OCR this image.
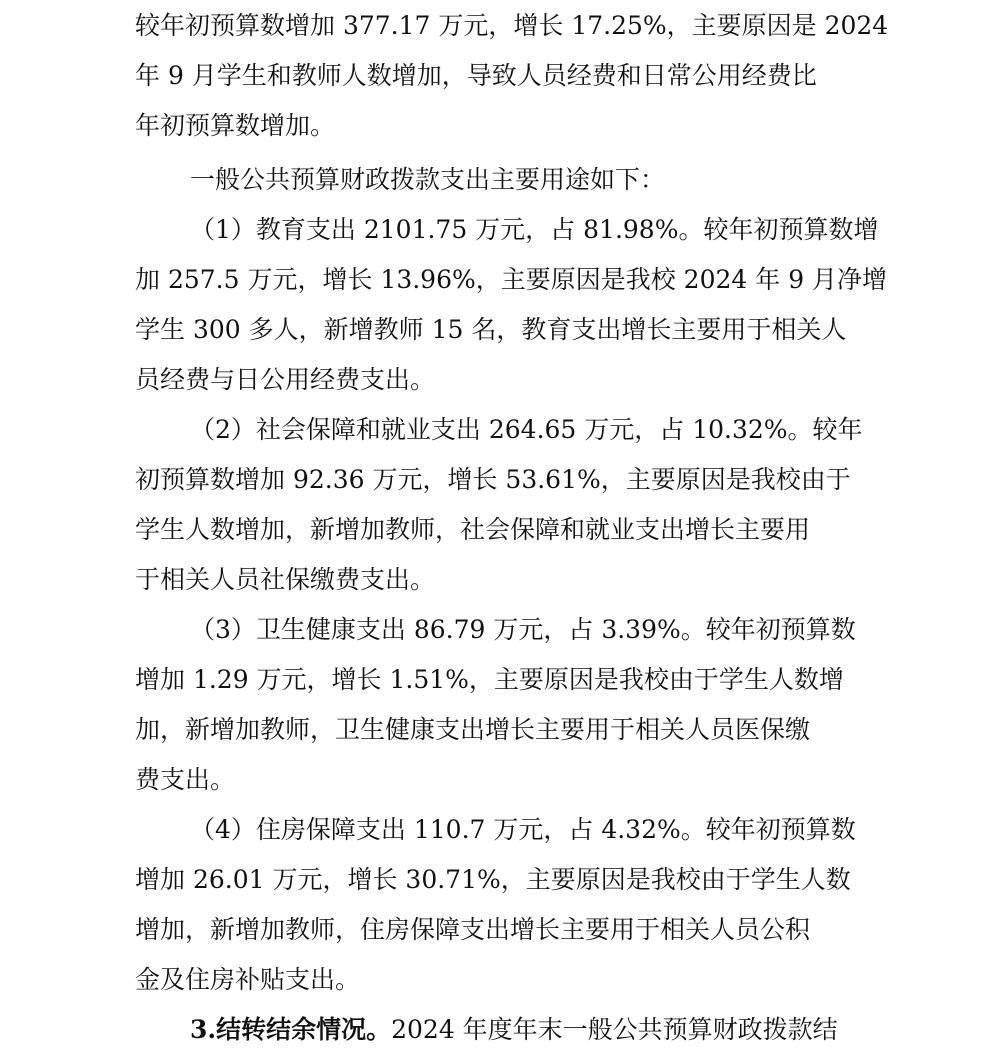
较年初预算数增加 377.17 万元，增长 17.25%，主要原因是 2024
年 9 月学生和教师人数增加，导致人员经费和日常公用经费比
年初预算数增加。
一般公共预算财政拨款支出主要用途如下：
（1）教育支出 2101.75 万元，占 81.98%。较年初预算数增
加 257.5 万元，增长 13.96%，主要原因是我校 2024 年 9 月净增
学生 300 多人，新增教师 15 名，教育支出增长主要用于相关人
员经费与日公用经费支出。
（2）社会保障和就业支出 264.65 万元，占 10.32%。较年
初预算数增加 92.36 万元，增长 53.61%，主要原因是我校由于
学生人数增加，新增加教师，社会保障和就业支出增长主要用
于相关人员社保缴费支出。
（3）卫生健康支出 86.79 万元，占 3.39%。较年初预算数
增加 1.29 万元，增长 1.51%，主要原因是我校由于学生人数增
加，新增加教师，卫生健康支出增长主要用于相关人员医保缴
费支出。
（4）住房保障支出 110.7 万元，占 4.32%。较年初预算数
增加 26.01 万元，增长 30.71%，主要原因是我校由于学生人数
增加，新增加教师，住房保障支出增长主要用于相关人员公积
金及住房补贴支出。
3.结转结余情况。2024 年度年末一般公共预算财政拨款结
